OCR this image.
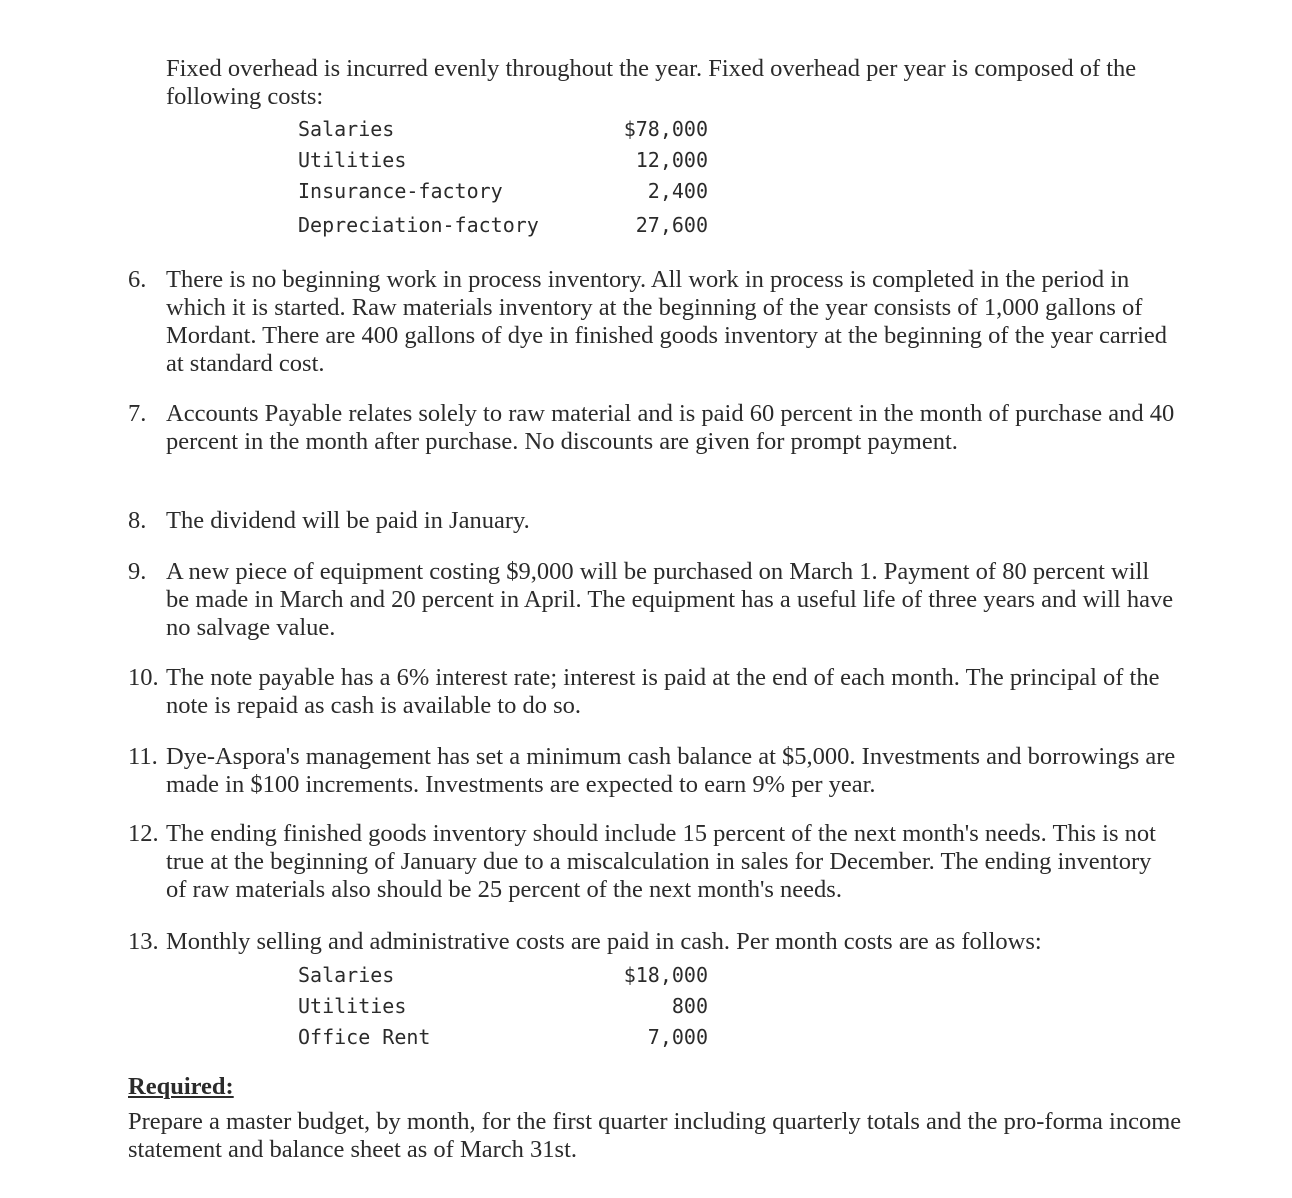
Fixed overhead is incurred evenly throughout the year. Fixed overhead per year is composed of the following costs:
Salaries	$78,000
Utilities	12,000
Insurance-factory	2,400
Depreciation-factory	27,600
6. There is no beginning work in process inventory. All work in process is completed in the period in which it is started. Raw materials inventory at the beginning of the year consists of 1,000 gallons of Mordant. There are 400 gallons of dye in finished goods inventory at the beginning of the year carried at standard cost.
7. Accounts Payable relates solely to raw material and is paid 60 percent in the month of purchase and 40 percent in the month after purchase. No discounts are given for prompt payment.
8. The dividend will be paid in January.
9. A new piece of equipment costing $9,000 will be purchased on March 1. Payment of 80 percent will be made in March and 20 percent in April. The equipment has a useful life of three years and will have no salvage value.
10. The note payable has a 6% interest rate; interest is paid at the end of each month. The principal of the note is repaid as cash is available to do so.
11. Dye-Aspora's management has set a minimum cash balance at $5,000. Investments and borrowings are made in $100 increments. Investments are expected to earn 9% per year.
12. The ending finished goods inventory should include 15 percent of the next month's needs. This is not true at the beginning of January due to a miscalculation in sales for December. The ending inventory of raw materials also should be 25 percent of the next month's needs.
13. Monthly selling and administrative costs are paid in cash. Per month costs are as follows:
Salaries	$18,000
Utilities	800
Office Rent	7,000
Required:
Prepare a master budget, by month, for the first quarter including quarterly totals and the pro-forma income statement and balance sheet as of March 31st.
